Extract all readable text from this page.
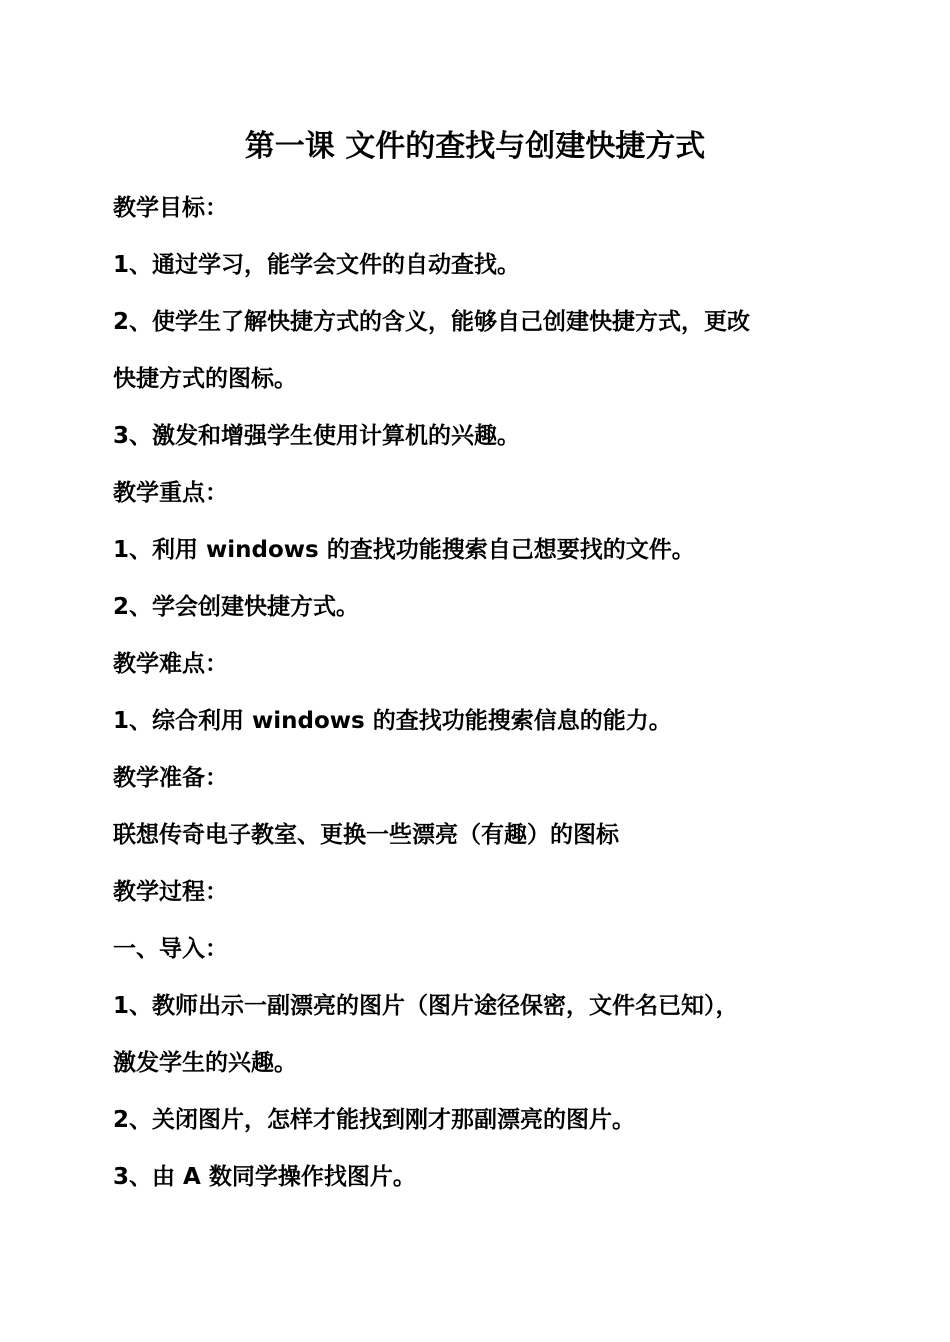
第一课 文件的查找与创建快捷方式

教学目标：

1、通过学习，能学会文件的自动查找。

2、使学生了解快捷方式的含义，能够自己创建快捷方式，更改

快捷方式的图标。

3、激发和增强学生使用计算机的兴趣。

教学重点：

1、利用 windows 的查找功能搜索自己想要找的文件。

2、学会创建快捷方式。

教学难点：

1、综合利用 windows 的查找功能搜索信息的能力。

教学准备：

联想传奇电子教室、更换一些漂亮（有趣）的图标

教学过程：

一、导入：

1、教师出示一副漂亮的图片（图片途径保密，文件名已知），

激发学生的兴趣。

2、关闭图片，怎样才能找到刚才那副漂亮的图片。

3、由 A 数同学操作找图片。
